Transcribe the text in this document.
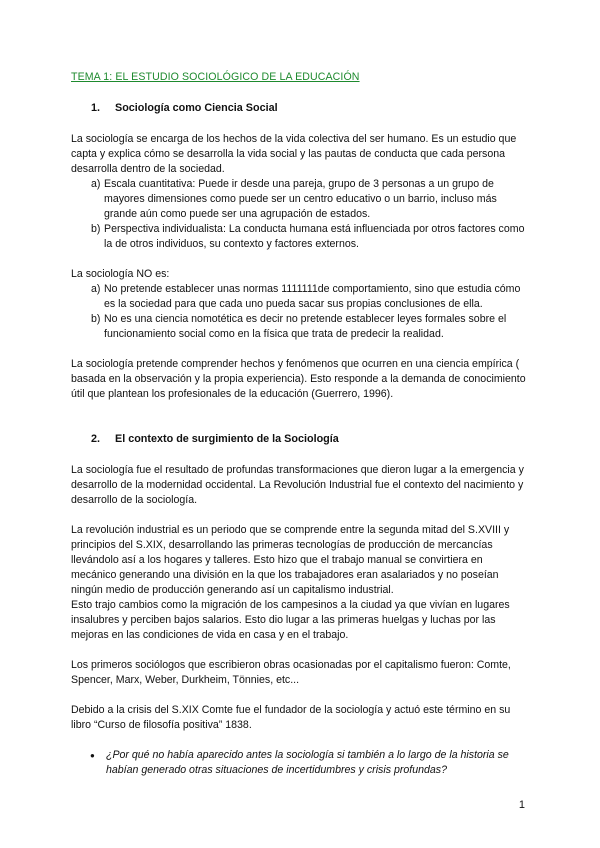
TEMA 1: EL ESTUDIO SOCIOLÓGICO DE LA EDUCACIÓN
1.	Sociología como Ciencia Social

La sociología se encarga de los hechos de la vida colectiva del ser humano. Es un estudio que capta y explica cómo se desarrolla la vida social y las pautas de conducta que cada persona desarrolla dentro de la sociedad.

a) Escala cuantitativa: Puede ir desde una pareja, grupo de 3 personas a un grupo de mayores dimensiones como puede ser un centro educativo o un barrio, incluso más grande aún como puede ser una agrupación de estados.
b) Perspectiva individualista: La conducta humana está influenciada por otros factores como la de otros individuos, su contexto y factores externos.

La sociología NO es:

a) No pretende establecer unas normas 1111111de comportamiento, sino que estudia cómo es la sociedad para que cada uno pueda sacar sus propias conclusiones de ella.
b) No es una ciencia nomotética es decir no pretende establecer leyes formales sobre el funcionamiento social como en la física que trata de predecir la realidad.

La sociología pretende comprender hechos y fenómenos que ocurren en una ciencia empírica ( basada en la observación y la propia experiencia). Esto responde a la demanda de conocimiento útil que plantean los profesionales de la educación (Guerrero, 1996).

2.	El contexto de surgimiento de la Sociología

La sociología fue el resultado de profundas transformaciones que dieron lugar a la emergencia y desarrollo de la modernidad occidental. La Revolución Industrial fue el contexto del nacimiento y desarrollo de la sociología.

La revolución industrial es un periodo que se comprende entre la segunda mitad del S.XVIII y principios del S.XIX, desarrollando las primeras tecnologías de producción de mercancías llevándolo así a los hogares y talleres. Esto hizo que el trabajo manual se convirtiera en mecánico generando una división en la que los trabajadores eran asalariados y no poseían ningún medio de producción generando así un capitalismo industrial.

Esto trajo cambios como la migración de los campesinos a la ciudad ya que vivían en lugares insalubres y perciben bajos salarios. Esto dio lugar a las primeras huelgas y luchas por las mejoras en las condiciones de vida en casa y en el trabajo.

Los primeros sociólogos que escribieron obras ocasionadas por el capitalismo fueron: Comte, Spencer, Marx, Weber, Durkheim, Tönnies, etc...

Debido a la crisis del S.XIX Comte fue el fundador de la sociología y actuó este término en su libro “Curso de filosofía positiva” 1838.

●	¿Por qué no había aparecido antes la sociología si también a lo largo de la historia se habían generado otras situaciones de incertidumbres y crisis profundas?
1
